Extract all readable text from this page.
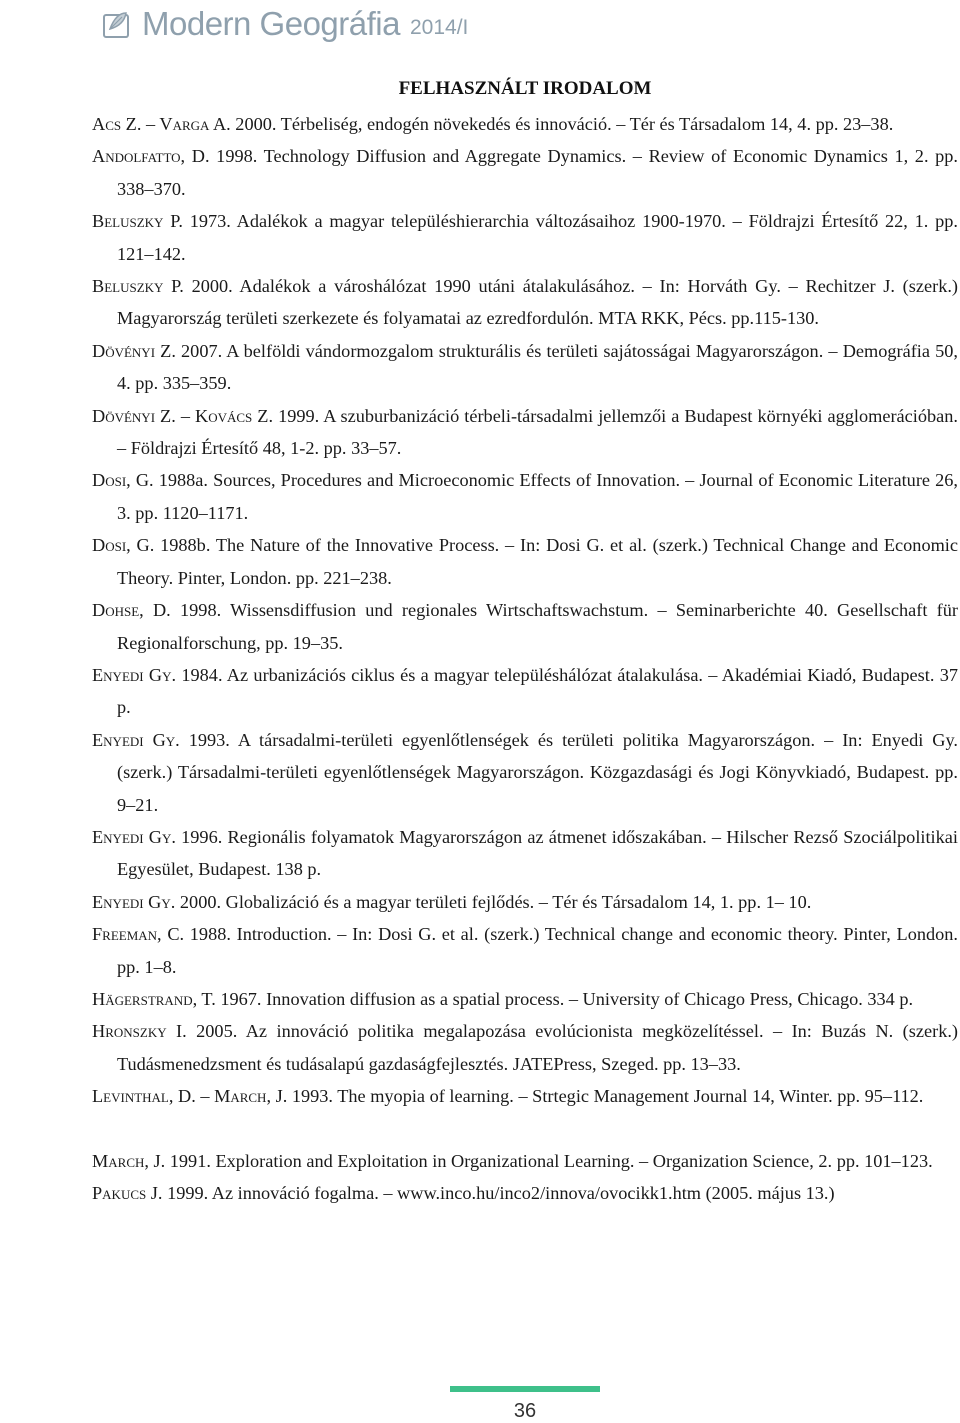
Modern Geográfia 2014/I
FELHASZNÁLT IRODALOM
Acs Z. – Varga A. 2000. Térbeliség, endogén növekedés és innováció. – Tér és Társadalom 14, 4. pp. 23–38.
Andolfatto, D. 1998. Technology Diffusion and Aggregate Dynamics. – Review of Economic Dynamics 1, 2. pp. 338–370.
Beluszky P. 1973. Adalékok a magyar településhierarchia változásaihoz 1900-1970. – Földrajzi Értesítő 22, 1. pp. 121–142.
Beluszky P. 2000. Adalékok a városhálózat 1990 utáni átalakulásához. – In: Horváth Gy. – Rechitzer J. (szerk.) Magyarország területi szerkezete és folyamatai az ezredfordulón. MTA RKK, Pécs. pp.115-130.
Dövényi Z. 2007. A belföldi vándormozgalom strukturális és területi sajátosságai Magyarországon. – Demográfia 50, 4. pp. 335–359.
Dövényi Z. – Kovács Z. 1999. A szuburbanizáció térbeli-társadalmi jellemzői a Budapest környéki agglomerációban. – Földrajzi Értesítő 48, 1-2. pp. 33–57.
Dosi, G. 1988a. Sources, Procedures and Microeconomic Effects of Innovation. – Journal of Economic Literature 26, 3. pp. 1120–1171.
Dosi, G. 1988b. The Nature of the Innovative Process. – In: Dosi G. et al. (szerk.) Technical Change and Economic Theory. Pinter, London. pp. 221–238.
Dohse, D. 1998. Wissensdiffusion und regionales Wirtschaftswachstum. – Seminarberichte 40. Gesellschaft für Regionalforschung, pp. 19–35.
Enyedi Gy. 1984. Az urbanizációs ciklus és a magyar településhálózat átalakulása. – Akadémiai Kiadó, Budapest. 37 p.
Enyedi Gy. 1993. A társadalmi-területi egyenlőtlenségek és területi politika Magyarországon. – In: Enyedi Gy. (szerk.) Társadalmi-területi egyenlőtlenségek Magyarországon. Közgazdasági és Jogi Könyvkiadó, Budapest. pp. 9–21.
Enyedi Gy. 1996. Regionális folyamatok Magyarországon az átmenet időszakában. – Hilscher Rezső Szociálpolitikai Egyesület, Budapest. 138 p.
Enyedi Gy. 2000. Globalizáció és a magyar területi fejlődés. – Tér és Társadalom 14, 1. pp. 1– 10.
Freeman, C. 1988. Introduction. – In: Dosi G. et al. (szerk.) Technical change and economic theory. Pinter, London. pp. 1–8.
Hägerstrand, T. 1967. Innovation diffusion as a spatial process. – University of Chicago Press, Chicago. 334 p.
Hronszky I. 2005. Az innováció politika megalapozása evolúcionista megközelítéssel. – In: Buzás N. (szerk.) Tudásmenedzsment és tudásalapú gazdaságfejlesztés. JATEPress, Szeged. pp. 13–33.
Levinthal, D. – March, J. 1993. The myopia of learning. – Strtegic Management Journal 14, Winter. pp. 95–112.
March, J. 1991. Exploration and Exploitation in Organizational Learning. – Organization Science, 2. pp. 101–123.
Pakucs J. 1999. Az innováció fogalma. – www.inco.hu/inco2/innova/ovocikk1.htm (2005. május 13.)
36
